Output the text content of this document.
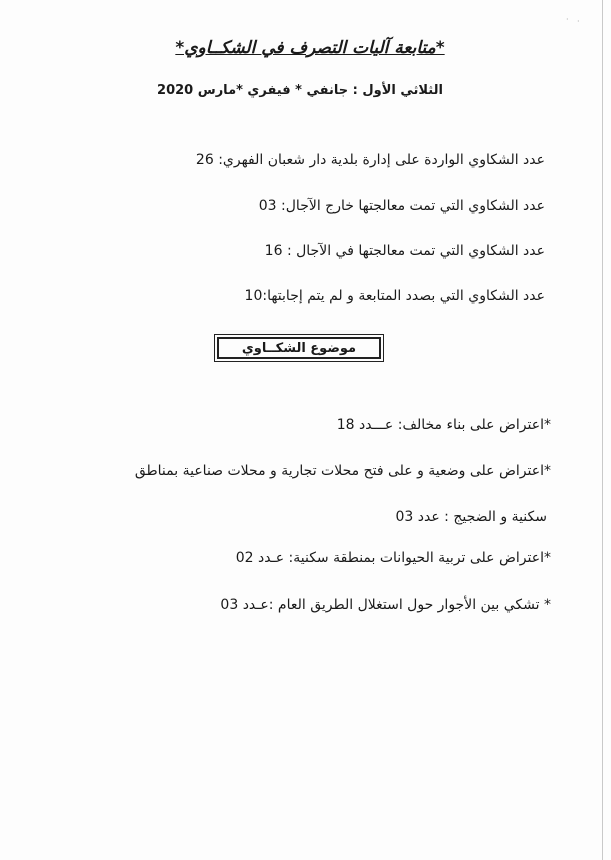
· ·
*متابعة آليات التصرف في الشكــاوي*
الثلاثي الأول : جانفي * فيفري *مارس 2020
عدد الشكاوي الواردة على إدارة بلدية دار شعبان الفهري: 26
عدد الشكاوي التي تمت معالجتها خارج الآجال: 03
عدد الشكاوي التي تمت معالجتها في الآجال : 16
عدد الشكاوي التي بصدد المتابعة و لم يتم إجابتها:10
موضوع الشكــاوي
*اعتراض على بناء مخالف: عـــدد 18
*اعتراض على وضعية و على فتح محلات تجارية و محلات صناعية بمناطق
سكنية و الضجيج : عدد 03
*اعتراض على تربية الحيوانات بمنطقة سكنية: عـدد 02
* تشكي بين الأجوار حول استغلال الطريق العام :عـدد 03
